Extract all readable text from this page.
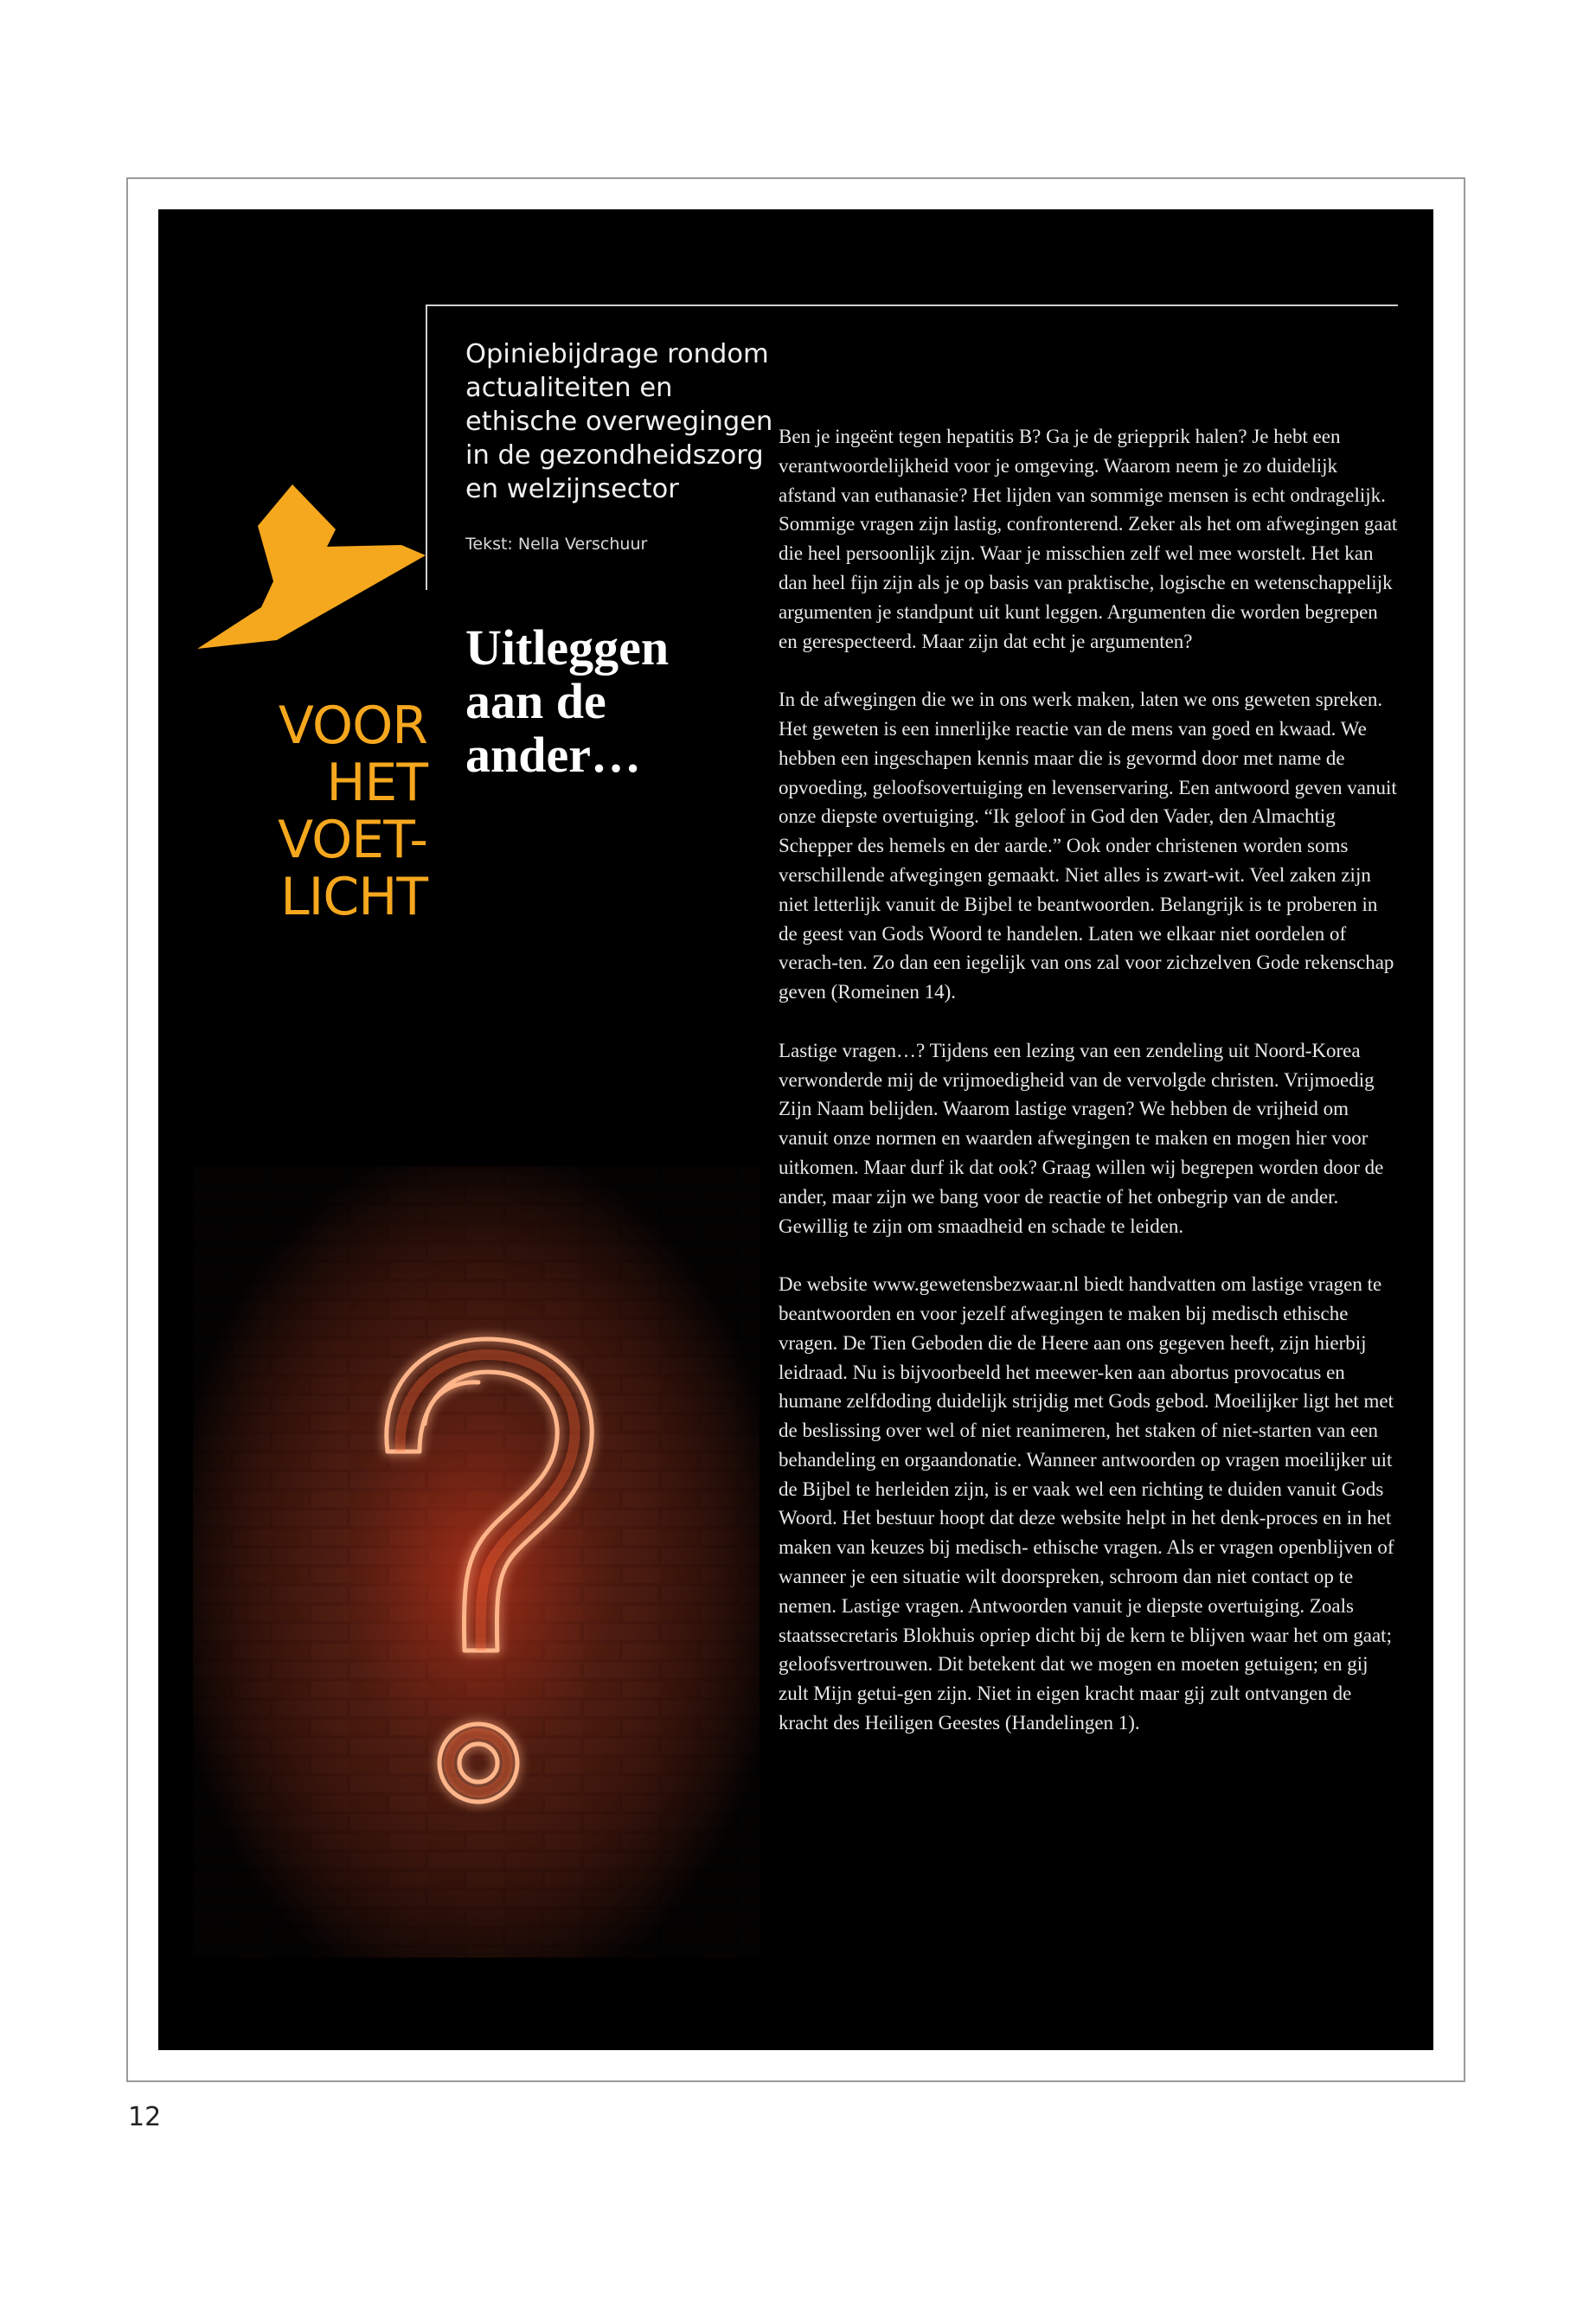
Opiniebijdrage rondom
actualiteiten en
ethische overwegingen
in de gezondheidszorg
en welzijnsector
Tekst: Nella Verschuur
Uitleggen
aan de
ander…
VOOR
HET
VOET-
LICHT

Ben je ingeënt tegen hepatitis B? Ga je de griepprik halen? Je hebt een verantwoordelijkheid voor je omgeving. Waarom neem je zo duidelijk afstand van euthanasie? Het lijden van sommige mensen is echt ondragelijk. Sommige vragen zijn lastig, confronterend. Zeker als het om afwegingen gaat die heel persoonlijk zijn. Waar je misschien zelf wel mee worstelt. Het kan dan heel fijn zijn als je op basis van praktische, logische en wetenschappelijk argumenten je standpunt uit kunt leggen. Argumenten die worden begrepen en gerespecteerd. Maar zijn dat echt je argumenten?

In de afwegingen die we in ons werk maken, laten we ons geweten spreken. Het geweten is een innerlijke reactie van de mens van goed en kwaad. We hebben een ingeschapen kennis maar die is gevormd door met name de opvoeding, geloofsovertuiging en levenservaring. Een antwoord geven vanuit onze diepste overtuiging. “Ik geloof in God den Vader, den Almachtig Schepper des hemels en der aarde.” Ook onder christenen worden soms verschillende afwegingen gemaakt. Niet alles is zwart-wit. Veel zaken zijn niet letterlijk vanuit de Bijbel te beantwoorden. Belangrijk is te proberen in de geest van Gods Woord te handelen. Laten we elkaar niet oordelen of verach-ten. Zo dan een iegelijk van ons zal voor zichzelven Gode rekenschap geven (Romeinen 14).

Lastige vragen…? Tijdens een lezing van een zendeling uit Noord-Korea verwonderde mij de vrijmoedigheid van de vervolgde christen. Vrijmoedig Zijn Naam belijden. Waarom lastige vragen? We hebben de vrijheid om vanuit onze normen en waarden afwegingen te maken en mogen hier voor uitkomen. Maar durf ik dat ook? Graag willen wij begrepen worden door de ander, maar zijn we bang voor de reactie of het onbegrip van de ander. Gewillig te zijn om smaadheid en schade te leiden.

De website www.gewetensbezwaar.nl biedt handvatten om lastige vragen te beantwoorden en voor jezelf afwegingen te maken bij medisch ethische vragen. De Tien Geboden die de Heere aan ons gegeven heeft, zijn hierbij leidraad. Nu is bijvoorbeeld het meewer-ken aan abortus provocatus en humane zelfdoding duidelijk strijdig met Gods gebod. Moeilijker ligt het met de beslissing over wel of niet reanimeren, het staken of niet-starten van een behandeling en orgaandonatie. Wanneer antwoorden op vragen moeilijker uit de Bijbel te herleiden zijn, is er vaak wel een richting te duiden vanuit Gods Woord. Het bestuur hoopt dat deze website helpt in het denk-proces en in het maken van keuzes bij medisch- ethische vragen. Als er vragen openblijven of wanneer je een situatie wilt doorspreken, schroom dan niet contact op te nemen. Lastige vragen. Antwoorden vanuit je diepste overtuiging. Zoals staatssecretaris Blokhuis opriep dicht bij de kern te blijven waar het om gaat; geloofsvertrouwen. Dit betekent dat we mogen en moeten getuigen; en gij zult Mijn getui-gen zijn. Niet in eigen kracht maar gij zult ontvangen de kracht des Heiligen Geestes (Handelingen 1).

12
